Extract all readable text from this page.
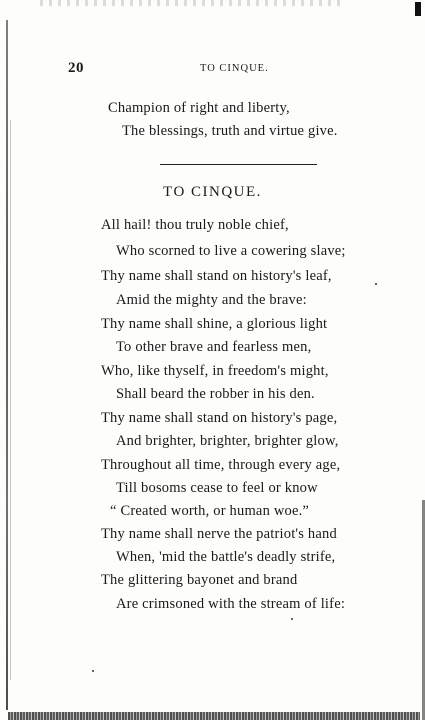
20	TO CINQUE.
Champion of right and liberty,
The blessings, truth and virtue give.
TO CINQUE.
All hail! thou truly noble chief,
Who scorned to live a cowering slave;
Thy name shall stand on history's leaf,
Amid the mighty and the brave:
Thy name shall shine, a glorious light
To other brave and fearless men,
Who, like thyself, in freedom's might,
Shall beard the robber in his den.
Thy name shall stand on history's page,
And brighter, brighter, brighter glow,
Throughout all time, through every age,
Till bosoms cease to feel or know
“ Created worth, or human woe.”
Thy name shall nerve the patriot's hand
When, 'mid the battle's deadly strife,
The glittering bayonet and brand
Are crimsoned with the stream of life:
